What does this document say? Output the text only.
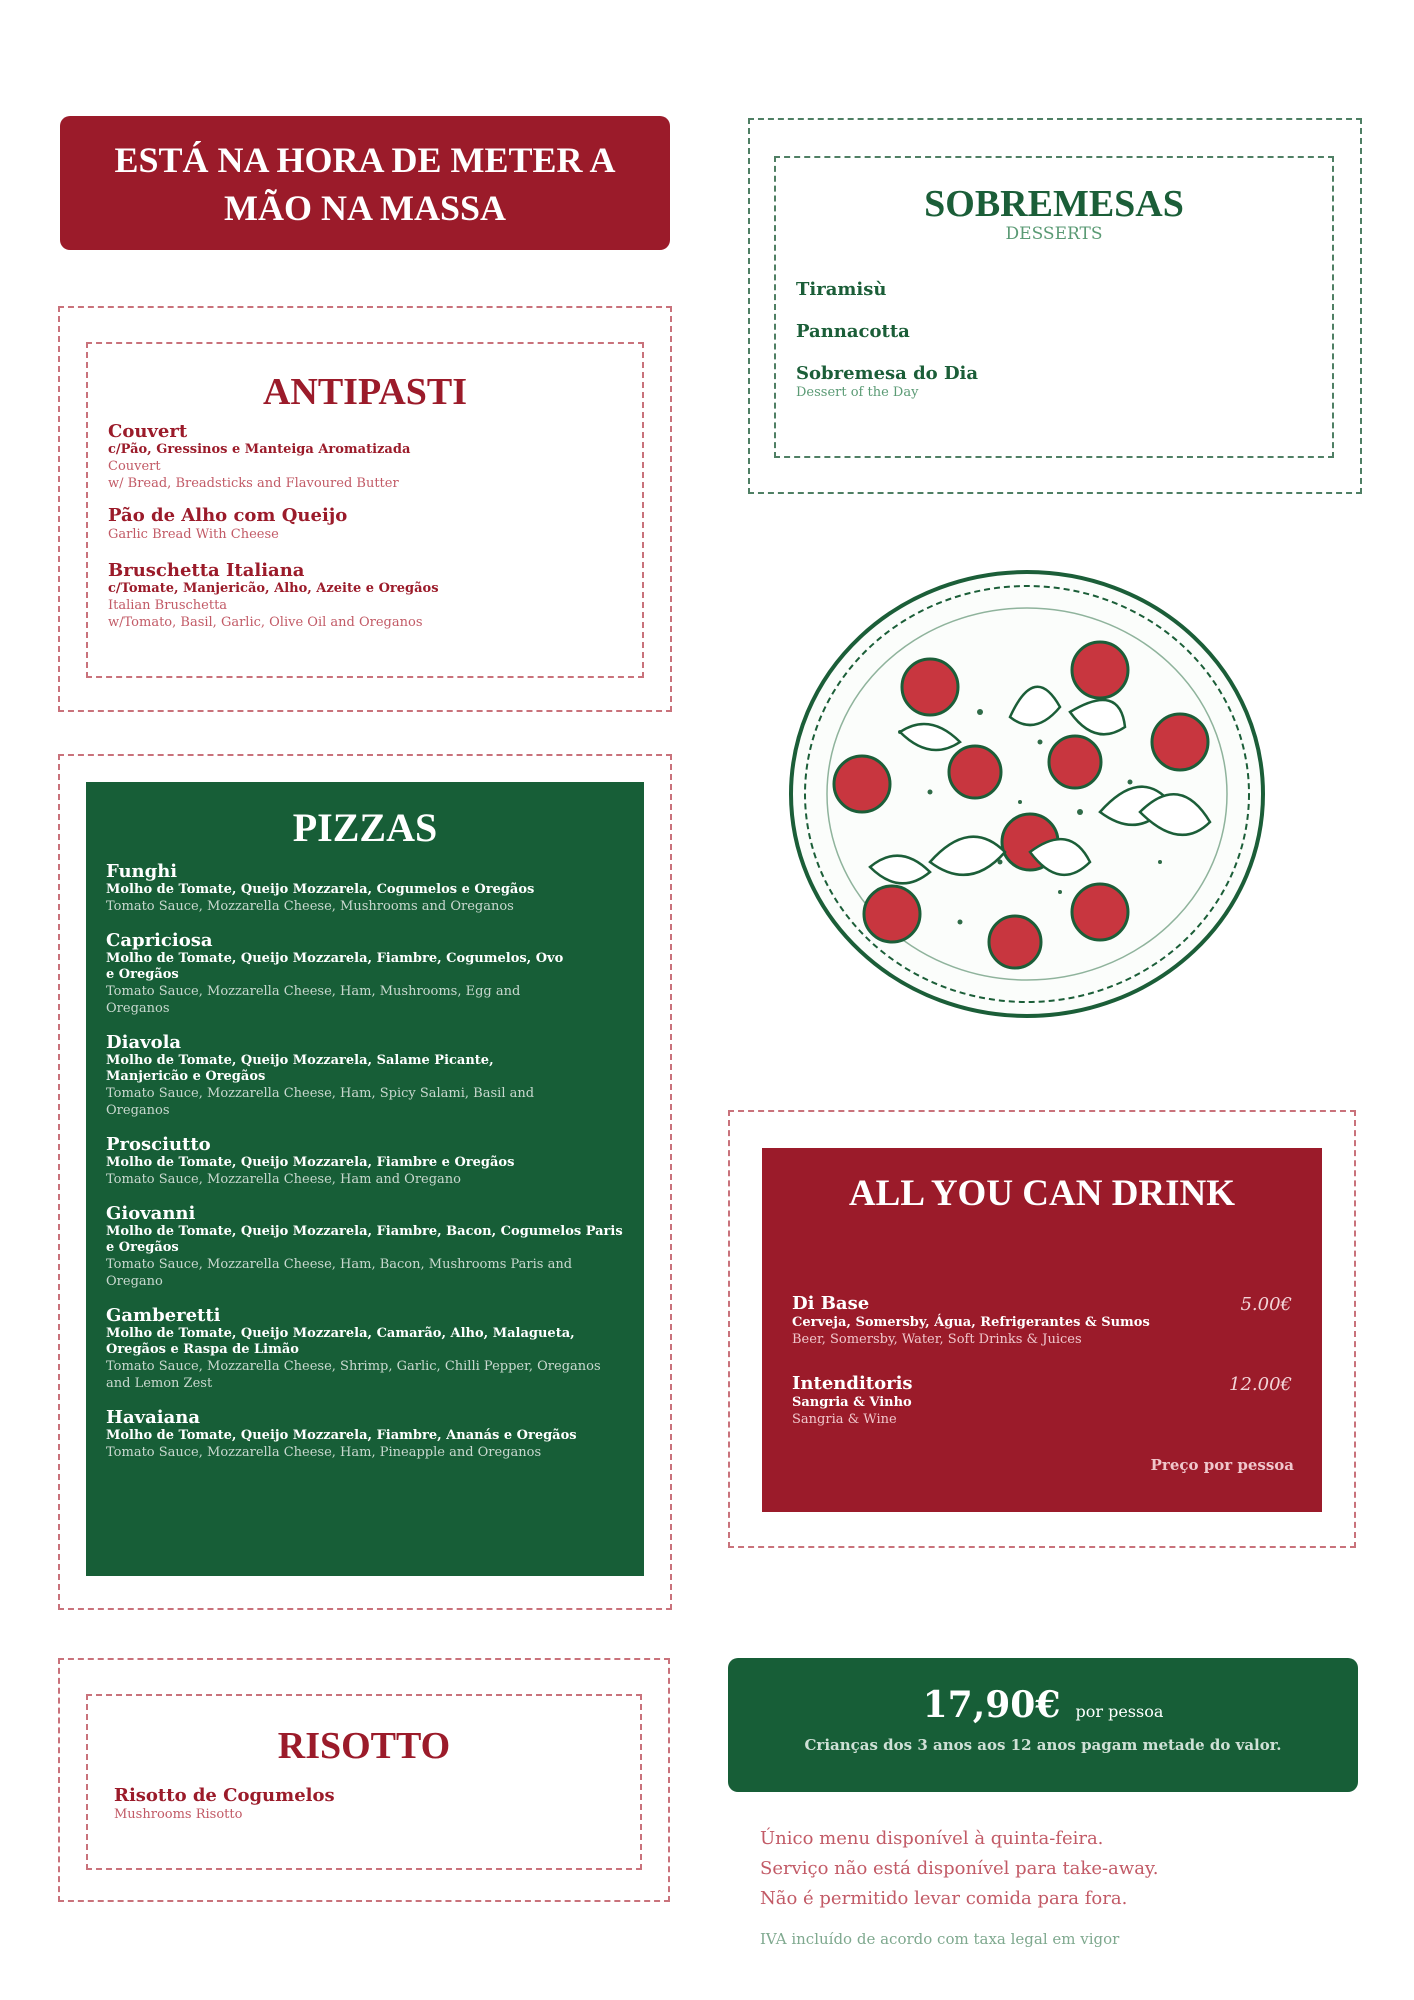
ESTÁ NA HORA DE METER A
MÃO NA MASSA
ANTIPASTI
Couvert
c/Pão, Gressinos e Manteiga Aromatizada
Couvert
w/ Bread, Breadsticks and Flavoured Butter
Pão de Alho com Queijo
Garlic Bread With Cheese
Bruschetta Italiana
c/Tomate, Manjericão, Alho, Azeite e Oregãos
Italian Bruschetta
w/Tomato, Basil, Garlic, Olive Oil and Oreganos
PIZZAS
Funghi
Molho de Tomate, Queijo Mozzarela, Cogumelos e Oregãos
Tomato Sauce, Mozzarella Cheese, Mushrooms and Oreganos
Capriciosa
Molho de Tomate, Queijo Mozzarela, Fiambre, Cogumelos, Ovo e Oregãos
Tomato Sauce, Mozzarella Cheese, Ham, Mushrooms, Egg and Oreganos
Diavola
Molho de Tomate, Queijo Mozzarela, Salame Picante, Manjericão e Oregãos
Tomato Sauce, Mozzarella Cheese, Ham, Spicy Salami, Basil and Oreganos
Prosciutto
Molho de Tomate, Queijo Mozzarela, Fiambre e Oregãos
Tomato Sauce, Mozzarella Cheese, Ham and Oregano
Giovanni
Molho de Tomate, Queijo Mozzarela, Fiambre, Bacon, Cogumelos Paris e Oregãos
Tomato Sauce, Mozzarella Cheese, Ham, Bacon, Mushrooms Paris and Oregano
Gamberetti
Molho de Tomate, Queijo Mozzarela, Camarão, Alho, Malagueta, Oregãos e Raspa de Limão
Tomato Sauce, Mozzarella Cheese, Shrimp, Garlic, Chilli Pepper, Oreganos and Lemon Zest
Havaiana
Molho de Tomate, Queijo Mozzarela, Fiambre, Ananás e Oregãos
Tomato Sauce, Mozzarella Cheese, Ham, Pineapple and Oreganos
RISOTTO
Risotto de Cogumelos
Mushrooms Risotto
SOBREMESAS
DESSERTS
Tiramisù
Pannacotta
Sobremesa do Dia
Dessert of the Day
ALL YOU CAN DRINK
Di Base	5.00€
Cerveja, Somersby, Água, Refrigerantes & Sumos
Beer, Somersby, Water, Soft Drinks & Juices
Intenditoris	12.00€
Sangria & Vinho
Sangria & Wine
Preço por pessoa
17,90€ por pessoa
Crianças dos 3 anos aos 12 anos pagam metade do valor.
Único menu disponível à quinta-feira.
Serviço não está disponível para take-away.
Não é permitido levar comida para fora.
IVA incluído de acordo com taxa legal em vigor
